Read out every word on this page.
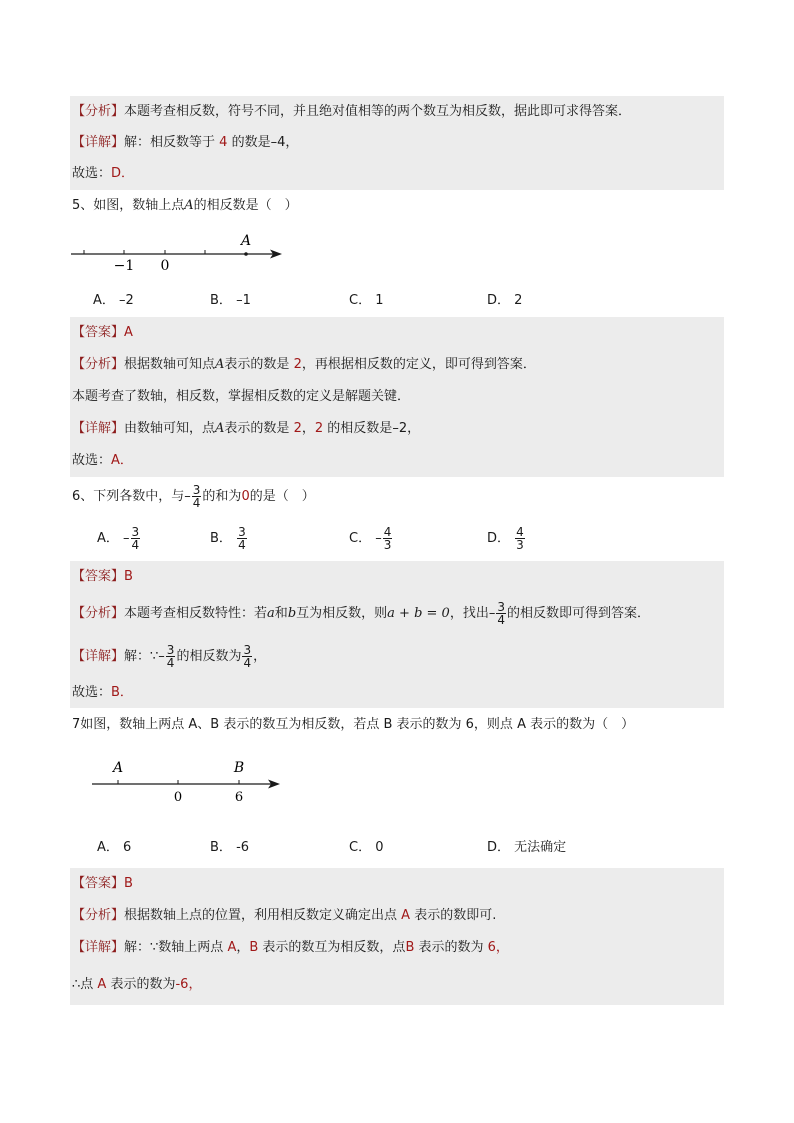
【分析】本题考查相反数，符号不同，并且绝对值相等的两个数互为相反数，据此即可求得答案．
【详解】解：相反数等于 4 的数是–4，
故选：D．
5、如图，数轴上点A的相反数是（　）
A
−1 0
A． –2	B． –1	C． 1	D． 2
【答案】A
【分析】根据数轴可知点A表示的数是 2，再根据相反数的定义，即可得到答案．
本题考查了数轴，相反数，掌握相反数的定义是解题关键．
【详解】由数轴可知，点A表示的数是 2，2 的相反数是–2，
故选：A．
6、下列各数中，与– $\frac{3}{4}$ 的和为0的是（　）
A． – $\frac{3}{4}$	B． $\frac{3}{4}$	C． – $\frac{4}{3}$	D． $\frac{4}{3}$
【答案】B
【分析】本题考查相反数特性：若a和b互为相反数，则a + b = 0，找出– $\frac{3}{4}$ 的相反数即可得到答案．
【详解】解：∵– $\frac{3}{4}$ 的相反数为 $\frac{3}{4}$ ，
故选：B．
7如图，数轴上两点 A、B 表示的数互为相反数，若点 B 表示的数为 6，则点 A 表示的数为（　）
A	B
0	6
A． 6	B． -6	C． 0	D． 无法确定
【答案】B
【分析】根据数轴上点的位置，利用相反数定义确定出点 A 表示的数即可.
【详解】解：∵数轴上两点 A，B 表示的数互为相反数，点B 表示的数为 6，
∴点 A 表示的数为-6，
